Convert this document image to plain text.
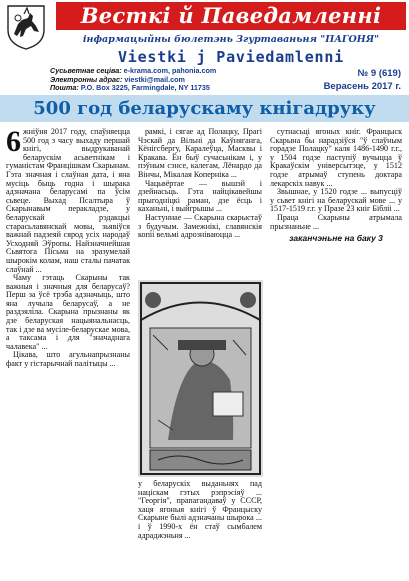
Весткі й Паведамленні
інфармацыйны бюлетэнь Згуртаваньня "ПАГОНЯ"
Viestki j Paviedamlenni
Сусьветнае сеціва: e-krama.com, pahonia.com
Электронны адрас: viestki@mail.com
Пошта: P.O. Box 3225, Farmingdale, NY 11735
№ 9 (619)
Верасень 2017 г.
500 год беларускаму кнігадруку

6 жніўня 2017 году, спаўняецца 500 год з часу выхаду першай кнігі, выдрукаванай беларускім асьветнікам і гуманістам Францішкам Скарынам. Гэта значная і слаўная дата, і яна мусіць быць годна і шырака адзначана беларусамі па ўсім сьвеце. Выхад Псалтыра ў Скарынавым перакладзе, у беларускай рэдакцыі старасьлавянскай мовы, зьявіўся важнай падзеяй сярод усіх народаў Усходняй Эўропы. Найзначнейшая Сьвятога Пісьма на зразумелай шырокім колам, наш сталы пачатак слаўнай ...

Чаму гэтаць Скарыны так важныя і значныя для беларусаў? Перш за ўсё трэба адзначыць, што яна лучыла беларусаў, а не раздзяліла. Скарына прызнаны як дзе беларуская нацыянальнасць, так і дзе ва мусіле-беларускае мова, а таксама і для "значаднага чалавека" ...

Цікава, што агульнапрызнаны факт у гістарычнай палітыцы ...

рамкі, і сягае ад Полацку, Прагі Чэскай да Вільні да Каўняганга, Кёнігсбергу, Каралеўца, Масквы і Кракава. Ён быў сучасьнікам і, у пэўным сэнсе, калегам, Лёнардо да Вінчы, Мікалая Коперніка ...

Чацьвёртае — вышэй і дзейнасьць. Гэта найцікавейшы прыгодніцкі раман, дзе ёсць і каханьні, і выйгрышы ...

Настуннае — Скарына скарыстаў з будучым. Замежнікі, славянскія копіі вельмі адрозніваюцца ...

у беларускіх выданьнях пад націскам гэтых рэпрэсіяў ... "Георгія", прапагандаваў у СССР, хаця ягоныя кнігі ў Францыску Скарыне былі адзначаны шырока ... і ў 1990-х ён стаў сымбалем адраджэньня ...

сутнасьці ягоных кніг. Францыск Скарына бы нарадзіўся "ў слаўным горадзе Полацку" каля 1486-1490 г.г., у 1504 годзе паступіў вучыцца ў Кракаўскім універсытэце, у 1512 годзе атрымаў ступень доктара лекарскіх навук ...

Звышнае, у 1520 годзе ... выпусціў у сьвет кнігі на беларускай мове ... у 1517-1519 г.г. у Празе 23 кніг Бібліі ...

Праца Скарыны атрымала прызнаньне ...

заканчэньне на баку 3
